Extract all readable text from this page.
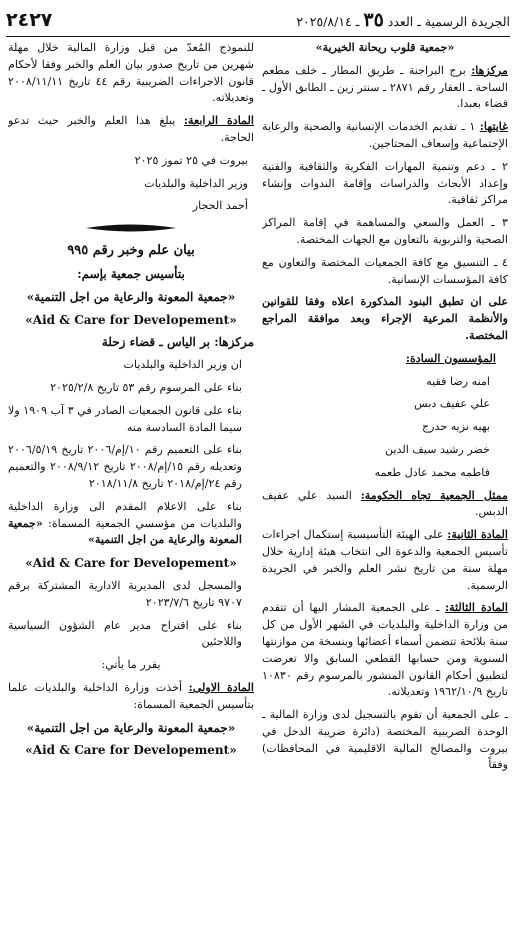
الجريدة الرسمية ـ العدد ٣٥ ـ ٢٠٢٥/٨/١٤
٢٤٢٧

«جمعية قلوب ريحانة الخيرية»

مركزها: برج البراجنة ـ طريق المطار ـ خلف مطعم الساحة ـ العقار رقم ٢٨٧١ ـ سنتر زين ـ الطابق الأول ـ قضاء بعبدا.

غايتها: ١ ـ تقديم الخدمات الإنسانية والصحية والرعاية الإجتماعية وإسعاف المحتاجين.

٢ ـ دعم وتنمية المهارات الفكرية والثقافية والفنية وإعداد الأبحاث والدراسات وإقامة الندوات وإنشاء مراكز ثقافية.

٣ ـ العمل والسعي والمساهمة في إقامة المراكز الصحية والتربوية بالتعاون مع الجهات المختصة.

٤ ـ التنسيق مع كافة الجمعيات المختصة والتعاون مع كافة المؤسسات الإنسانية.

على ان تطبق البنود المذكورة اعلاه وفقا للقوانين والأنظمة المرعية الإجراء وبعد موافقة المراجع المختصة.

المؤسسون السادة:

امنه رضا فقيه

علي عفيف دبس

بهيه نزيه حدرج

خضر رشيد سيف الدين

فاطمه محمد عادل طعمه

ممثل الجمعية تجاه الحكومة: السيد علي عفيف الدبس.

المادة الثانية: على الهيئة التأسيسية إستكمال اجراءات تأسيس الجمعية والدعوة الى انتخاب هيئة إدارية خلال مهلة سنة من تاريخ نشر العلم والخبر في الجريدة الرسمية.

المادة الثالثة: ـ على الجمعية المشار اليها أن تتقدم من وزارة الداخلية والبلديات في الشهر الأول من كل سنة بلائحة تتضمن أسماء أعضائها وبنسخة من موازنتها السنوية ومن حسابها القطعي السابق والا تعرضت لتطبيق أحكام القانون المنشور بالمرسوم رقم ١٠٨٣٠ تاريخ ١٩٦٢/١٠/٩ وتعديلاته.

ـ على الجمعية أن تقوم بالتسجيل لدى وزارة المالية ـ الوحدة الضريبية المختصة (دائرة ضريبة الدخل في بيروت والمصالح المالية الاقليمية في المحافظات) وفقاً

للنموذج المُعدّ من قبل وزارة المالية خلال مهلة شهرين من تاريخ صدور بيان العلم والخبر وفقا لأحكام قانون الاجراءات الضريبية رقم ٤٤ تاريخ ٢٠٠٨/١١/١١ وتعديلاته.

المادة الرابعة: يبلغ هذا العلم والخبر حيث تدعو الحاجة.

بيروت في ٢٥ تموز ٢٠٢٥

وزير الداخلية والبلديات

أحمد الحجار

بيان علم وخبر رقم ٩٩٥

بتأسيس جمعية بإسم:

«جمعية المعونة والرعاية من اجل التنمية»

«Aid & Care for Developement»

مركزها: بر الياس ـ قضاء زحلة

ان وزير الداخلية والبلديات

بناء على المرسوم رقم ٥٣ تاريخ ٢٠٢٥/٢/٨

بناء على قانون الجمعيات الصادر في ٣ آب ١٩٠٩ ولا سيما المادة السادسة منه

بناء على التعميم رقم ١٠/إم/٢٠٠٦ تاريخ ٢٠٠٦/٥/١٩ وتعديله رقم ١٥/إم/٢٠٠٨ تاريخ ٢٠٠٨/٩/١٢ والتعميم رقم ٢٤/إم/٢٠١٨ تاريخ ٢٠١٨/١١/٨

بناء على الاعلام المقدم الى وزارة الداخلية والبلديات من مؤسسي الجمعية المسماة: «جمعية المعونة والرعاية من اجل التنمية»

«Aid & Care for Developement»

والمسجل لدى المديرية الادارية المشتركة برقم ٩٧٠٧ تاريخ ٢٠٢٣/٧/٦

بناء على اقتراح مدير عام الشؤون السياسية واللاجئين

يقرر ما يأتي:

المادة الاولى: أخذت وزارة الداخلية والبلديات علما بتأسيس الجمعية المسماة:

«جمعية المعونة والرعاية من اجل التنمية»

«Aid & Care for Developement»
